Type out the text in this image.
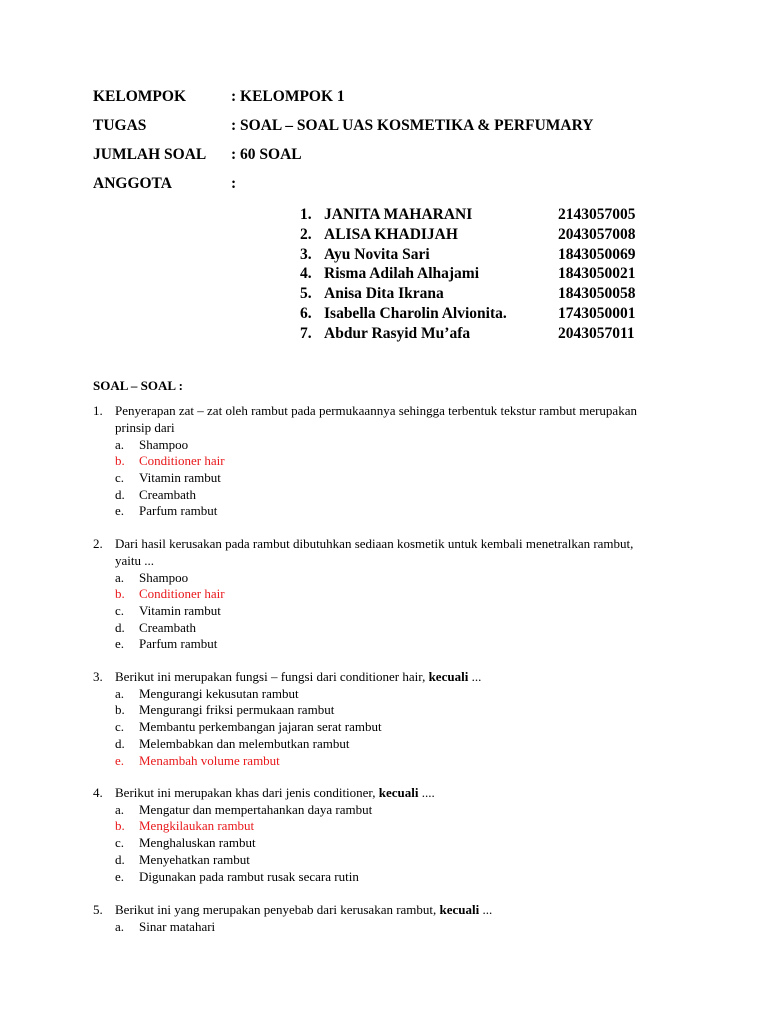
KELOMPOK	: KELOMPOK 1
TUGAS	: SOAL – SOAL UAS KOSMETIKA & PERFUMARY
JUMLAH SOAL : 60 SOAL
ANGGOTA	:
1. JANITA MAHARANI	2143057005
2. ALISA KHADIJAH	2043057008
3. Ayu Novita Sari	1843050069
4. Risma Adilah Alhajami	1843050021
5. Anisa Dita Ikrana	1843050058
6. Isabella Charolin Alvionita.	1743050001
7. Abdur Rasyid Mu’afa	2043057011
SOAL – SOAL :
1. Penyerapan zat – zat oleh rambut pada permukaannya sehingga terbentuk tekstur rambut merupakan prinsip dari
a. Shampoo
b. Conditioner hair
c. Vitamin rambut
d. Creambath
e. Parfum rambut
2. Dari hasil kerusakan pada rambut dibutuhkan sediaan kosmetik untuk kembali menetralkan rambut, yaitu ...
a. Shampoo
b. Conditioner hair
c. Vitamin rambut
d. Creambath
e. Parfum rambut
3. Berikut ini merupakan fungsi – fungsi dari conditioner hair, kecuali ...
a. Mengurangi kekusutan rambut
b. Mengurangi friksi permukaan rambut
c. Membantu perkembangan jajaran serat rambut
d. Melembabkan dan melembutkan rambut
e. Menambah volume rambut
4. Berikut ini merupakan khas dari jenis conditioner, kecuali ....
a. Mengatur dan mempertahankan daya rambut
b. Mengkilaukan rambut
c. Menghaluskan rambut
d. Menyehatkan rambut
e. Digunakan pada rambut rusak secara rutin
5. Berikut ini yang merupakan penyebab dari kerusakan rambut, kecuali ...
a. Sinar matahari
